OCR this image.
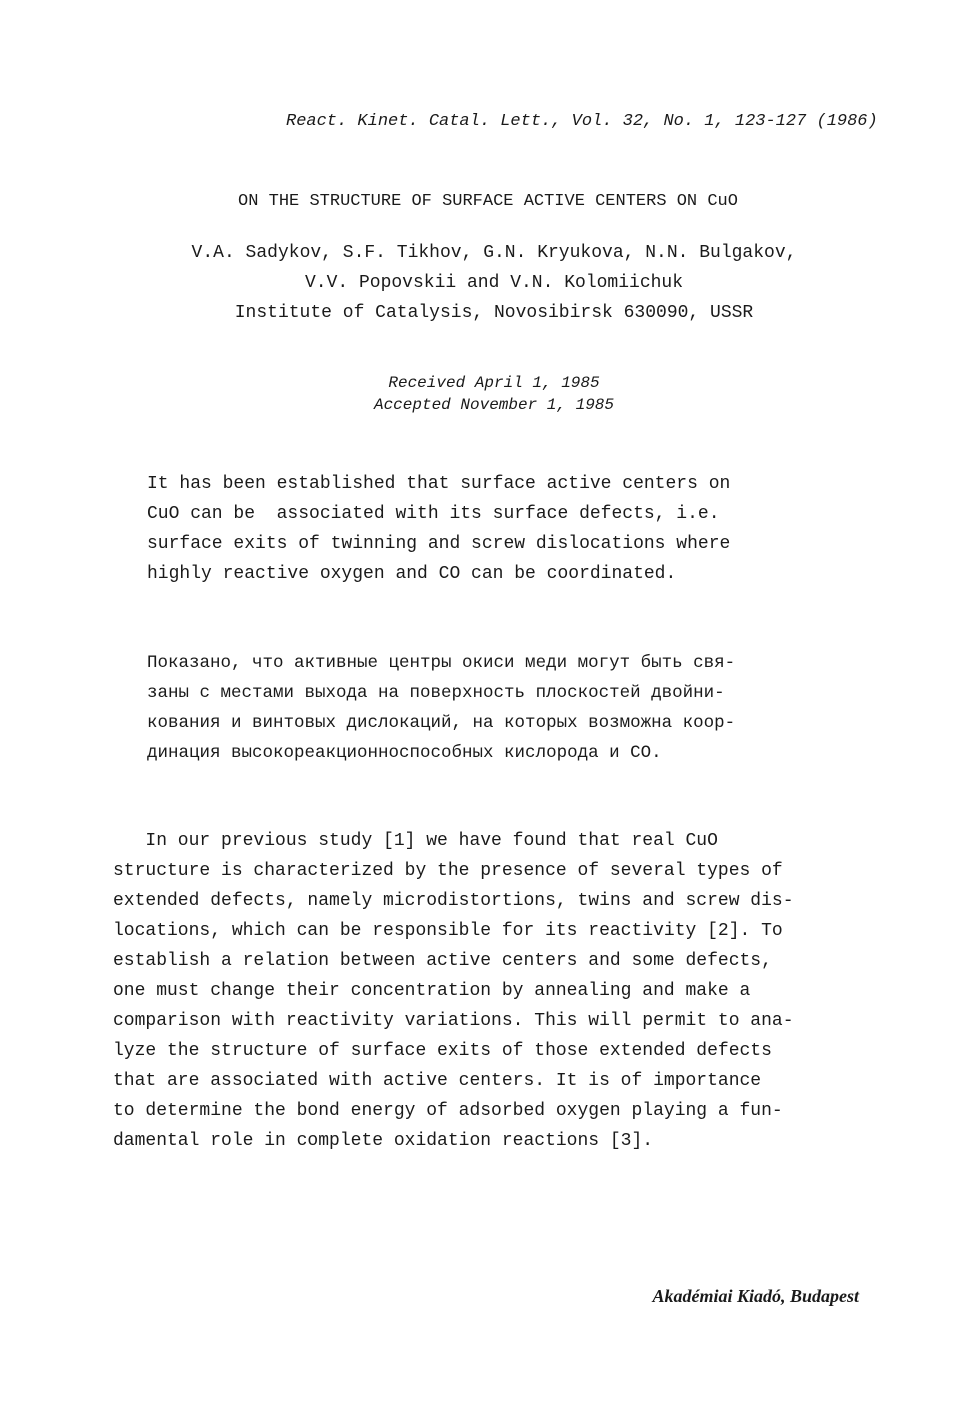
React. Kinet. Catal. Lett., Vol. 32, No. 1, 123-127 (1986)
ON THE STRUCTURE OF SURFACE ACTIVE CENTERS ON CuO
V.A. Sadykov, S.F. Tikhov, G.N. Kryukova, N.N. Bulgakov,
V.V. Popovskii and V.N. Kolomiichuk
Institute of Catalysis, Novosibirsk 630090, USSR
Received April 1, 1985
Accepted November 1, 1985
It has been established that surface active centers on
CuO can be  associated with its surface defects, i.e.
surface exits of twinning and screw dislocations where
highly reactive oxygen and CO can be coordinated.
Показано, что активные центры окиси меди могут быть свя-
заны с местами выхода на поверхность плоскостей двойни-
кования и винтовых дислокаций, на которых возможна коор-
динация высокореакционноспособных кислорода и CO.
In our previous study [1] we have found that real CuO
structure is characterized by the presence of several types of
extended defects, namely microdistortions, twins and screw dis-
locations, which can be responsible for its reactivity [2]. To
establish a relation between active centers and some defects,
one must change their concentration by annealing and make a
comparison with reactivity variations. This will permit to ana-
lyze the structure of surface exits of those extended defects
that are associated with active centers. It is of importance
to determine the bond energy of adsorbed oxygen playing a fun-
damental role in complete oxidation reactions [3].
Akadémiai Kiadó, Budapest
